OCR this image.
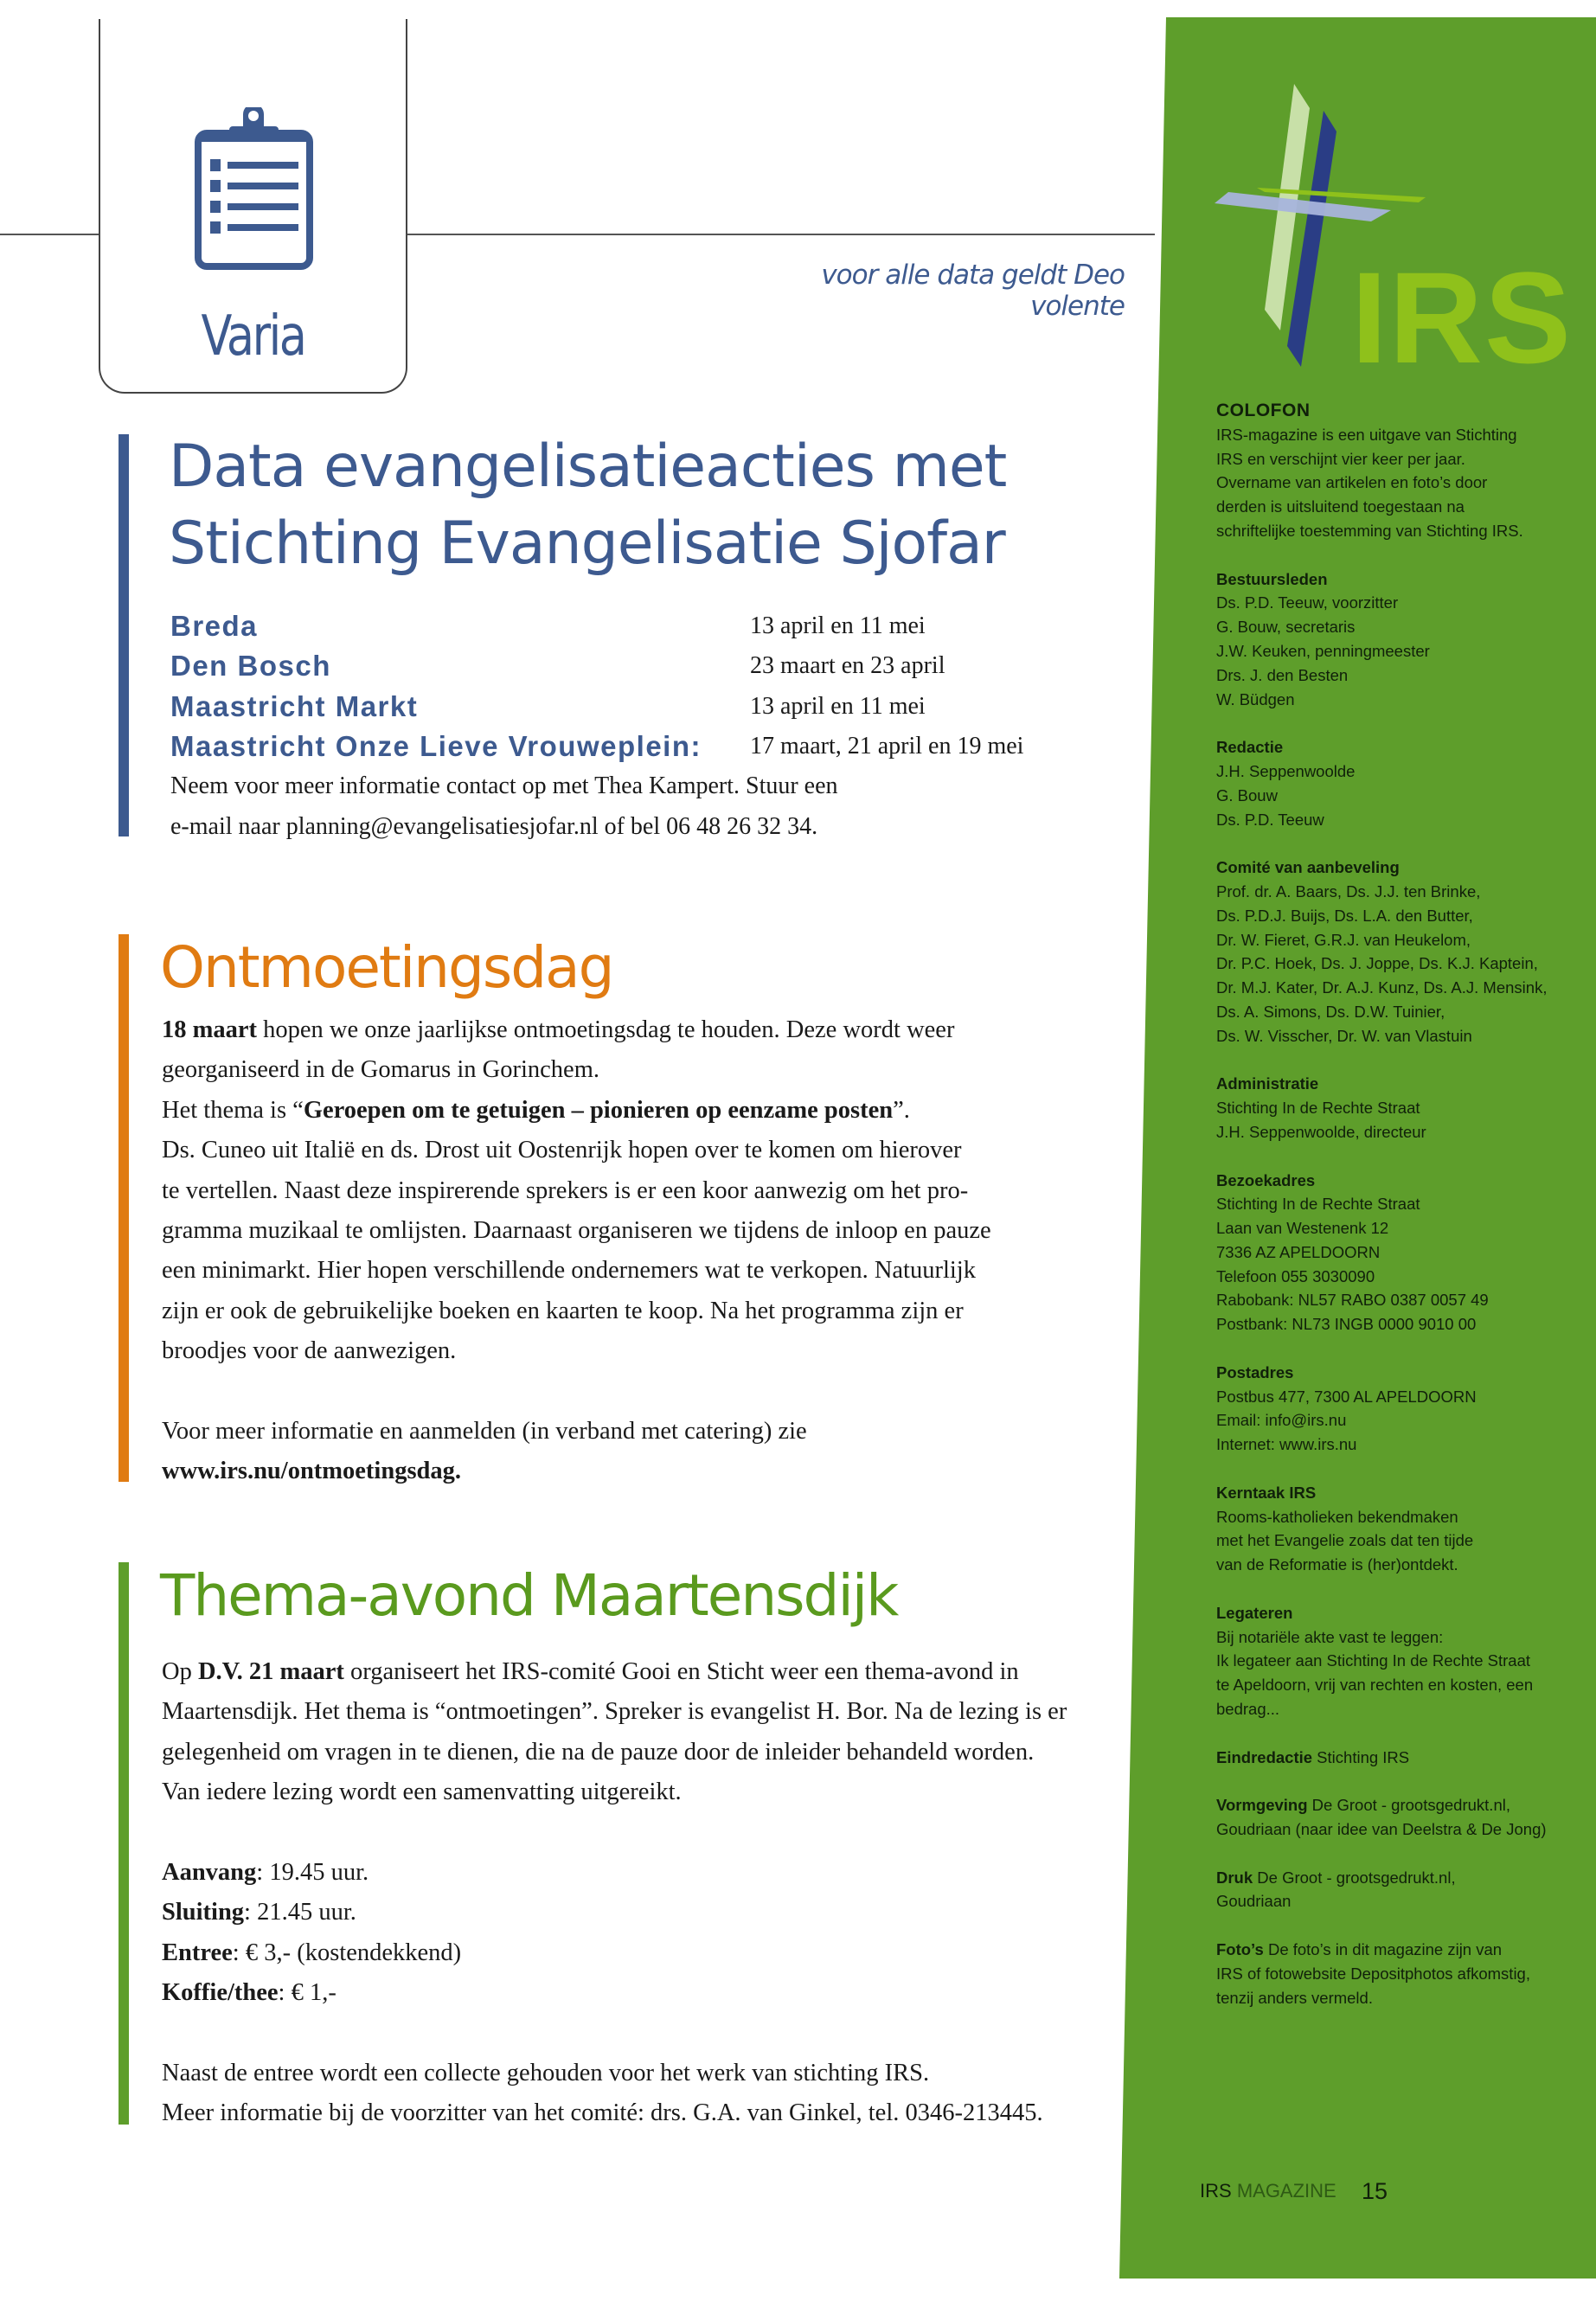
IRS
Varia
voor alle data geldt Deo volente
Data evangelisatieacties met
Stichting Evangelisatie Sjofar
Breda	13 april en 11 mei
Den Bosch	23 maart en 23 april
Maastricht Markt	13 april en 11 mei
Maastricht Onze Lieve Vrouweplein: 17 maart, 21 april en 19 mei
Neem voor meer informatie contact op met Thea Kampert. Stuur een
e-mail naar planning@evangelisatiesjofar.nl of bel 06 48 26 32 34.
Ontmoetingsdag
18 maart hopen we onze jaarlijkse ontmoetingsdag te houden. Deze wordt weer
georganiseerd in de Gomarus in Gorinchem.
Het thema is “Geroepen om te getuigen – pionieren op eenzame posten”.
Ds. Cuneo uit Italië en ds. Drost uit Oostenrijk hopen over te komen om hierover
te vertellen. Naast deze inspirerende sprekers is er een koor aanwezig om het pro-
gramma muzikaal te omlijsten. Daarnaast organiseren we tijdens de inloop en pauze
een minimarkt. Hier hopen verschillende ondernemers wat te verkopen. Natuurlijk
zijn er ook de gebruikelijke boeken en kaarten te koop. Na het programma zijn er
broodjes voor de aanwezigen.
Voor meer informatie en aanmelden (in verband met catering) zie
www.irs.nu/ontmoetingsdag.
Thema-avond Maartensdijk
Op D.V. 21 maart organiseert het IRS-comité Gooi en Sticht weer een thema-avond in
Maartensdijk. Het thema is “ontmoetingen”. Spreker is evangelist H. Bor. Na de lezing is er
gelegenheid om vragen in te dienen, die na de pauze door de inleider behandeld worden.
Van iedere lezing wordt een samenvatting uitgereikt.
Aanvang: 19.45 uur.
Sluiting: 21.45 uur.
Entree: € 3,- (kostendekkend)
Koffie/thee: € 1,-
Naast de entree wordt een collecte gehouden voor het werk van stichting IRS.
Meer informatie bij de voorzitter van het comité: drs. G.A. van Ginkel, tel. 0346-213445.
COLOFON
IRS-magazine is een uitgave van Stichting
IRS en verschijnt vier keer per jaar.
Overname van artikelen en foto’s door
derden is uitsluitend toegestaan na
schriftelijke toestemming van Stichting IRS.
Bestuursleden
Ds. P.D. Teeuw, voorzitter
G. Bouw, secretaris
J.W. Keuken, penningmeester
Drs. J. den Besten
W. Büdgen
Redactie
J.H. Seppenwoolde
G. Bouw
Ds. P.D. Teeuw
Comité van aanbeveling
Prof. dr. A. Baars, Ds. J.J. ten Brinke,
Ds. P.D.J. Buijs, Ds. L.A. den Butter,
Dr. W. Fieret, G.R.J. van Heukelom,
Dr. P.C. Hoek, Ds. J. Joppe, Ds. K.J. Kaptein,
Dr. M.J. Kater, Dr. A.J. Kunz, Ds. A.J. Mensink,
Ds. A. Simons, Ds. D.W. Tuinier,
Ds. W. Visscher, Dr. W. van Vlastuin
Administratie
Stichting In de Rechte Straat
J.H. Seppenwoolde, directeur
Bezoekadres
Stichting In de Rechte Straat
Laan van Westenenk 12
7336 AZ APELDOORN
Telefoon 055 3030090
Rabobank: NL57 RABO 0387 0057 49
Postbank: NL73 INGB 0000 9010 00
Postadres
Postbus 477, 7300 AL APELDOORN
Email: info@irs.nu
Internet: www.irs.nu
Kerntaak IRS
Rooms-katholieken bekendmaken
met het Evangelie zoals dat ten tijde
van de Reformatie is (her)ontdekt.
Legateren
Bij notariële akte vast te leggen:
Ik legateer aan Stichting In de Rechte Straat
te Apeldoorn, vrij van rechten en kosten, een
bedrag...
Eindredactie Stichting IRS
Vormgeving De Groot - grootsgedrukt.nl,
Goudriaan (naar idee van Deelstra & De Jong)
Druk De Groot - grootsgedrukt.nl,
Goudriaan
Foto’s De foto’s in dit magazine zijn van
IRS of fotowebsite Depositphotos afkomstig,
tenzij anders vermeld.
IRS MAGAZINE 15
